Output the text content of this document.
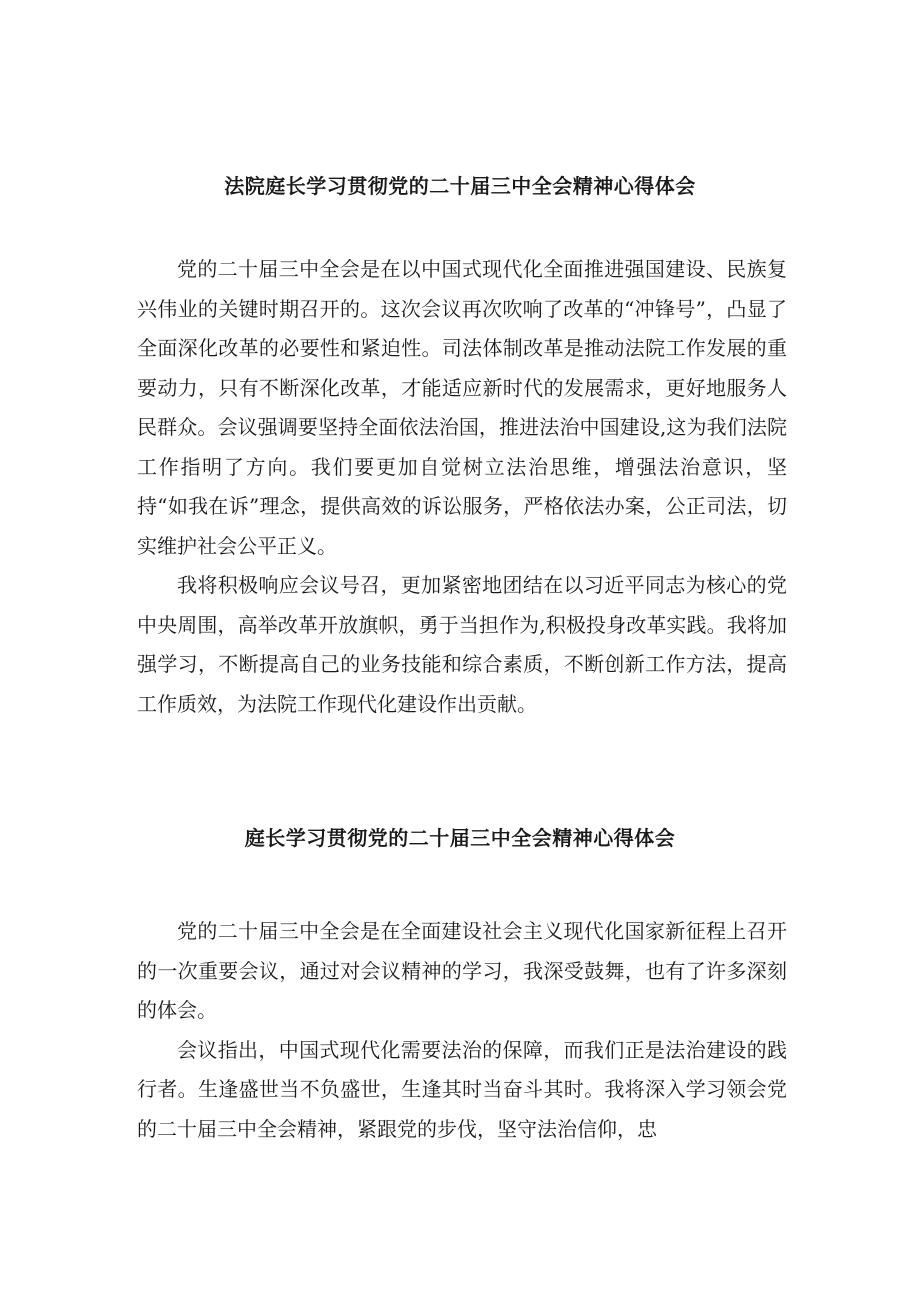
法院庭长学习贯彻党的二十届三中全会精神心得体会

党的二十届三中全会是在以中国式现代化全面推进强国建设、民族复兴伟业的关键时期召开的。这次会议再次吹响了改革的“冲锋号”，凸显了全面深化改革的必要性和紧迫性。司法体制改革是推动法院工作发展的重要动力，只有不断深化改革，才能适应新时代的发展需求，更好地服务人民群众。会议强调要坚持全面依法治国，推进法治中国建设,这为我们法院工作指明了方向。我们要更加自觉树立法治思维，增强法治意识，坚持“如我在诉”理念，提供高效的诉讼服务，严格依法办案，公正司法，切实维护社会公平正义。

我将积极响应会议号召，更加紧密地团结在以习近平同志为核心的党中央周围，高举改革开放旗帜，勇于当担作为,积极投身改革实践。我将加强学习，不断提高自己的业务技能和综合素质，不断创新工作方法，提高工作质效，为法院工作现代化建设作出贡献。

庭长学习贯彻党的二十届三中全会精神心得体会

党的二十届三中全会是在全面建设社会主义现代化国家新征程上召开的一次重要会议，通过对会议精神的学习，我深受鼓舞，也有了许多深刻的体会。

会议指出，中国式现代化需要法治的保障，而我们正是法治建设的践行者。生逢盛世当不负盛世，生逢其时当奋斗其时。我将深入学习领会党的二十届三中全会精神，紧跟党的步伐，坚守法治信仰，忠
